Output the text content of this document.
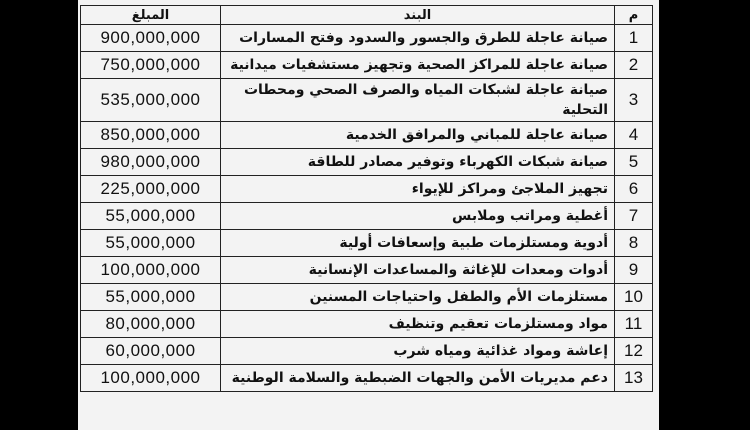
المبلغ	البند	م
900,000,000	صيانة عاجلة للطرق والجسور والسدود وفتح المسارات	1
750,000,000	صيانة عاجلة للمراكز الصحية وتجهيز مستشفيات ميدانية	2
535,000,000	صيانة عاجلة لشبكات المياه والصرف الصحي ومحطات التحلية	3
850,000,000	صيانة عاجلة للمباني والمرافق الخدمية	4
980,000,000	صيانة شبكات الكهرباء وتوفير مصادر للطاقة	5
225,000,000	تجهيز الملاجئ ومراكز للإيواء	6
55,000,000	أغطية ومراتب وملابس	7
55,000,000	أدوية ومستلزمات طبية وإسعافات أولية	8
100,000,000	أدوات ومعدات للإغاثة والمساعدات الإنسانية	9
55,000,000	مستلزمات الأم والطفل واحتياجات المسنين	10
80,000,000	مواد ومستلزمات تعقيم وتنظيف	11
60,000,000	إعاشة ومواد غذائية ومياه شرب	12
100,000,000	دعم مديريات الأمن والجهات الضبطية والسلامة الوطنية	13
